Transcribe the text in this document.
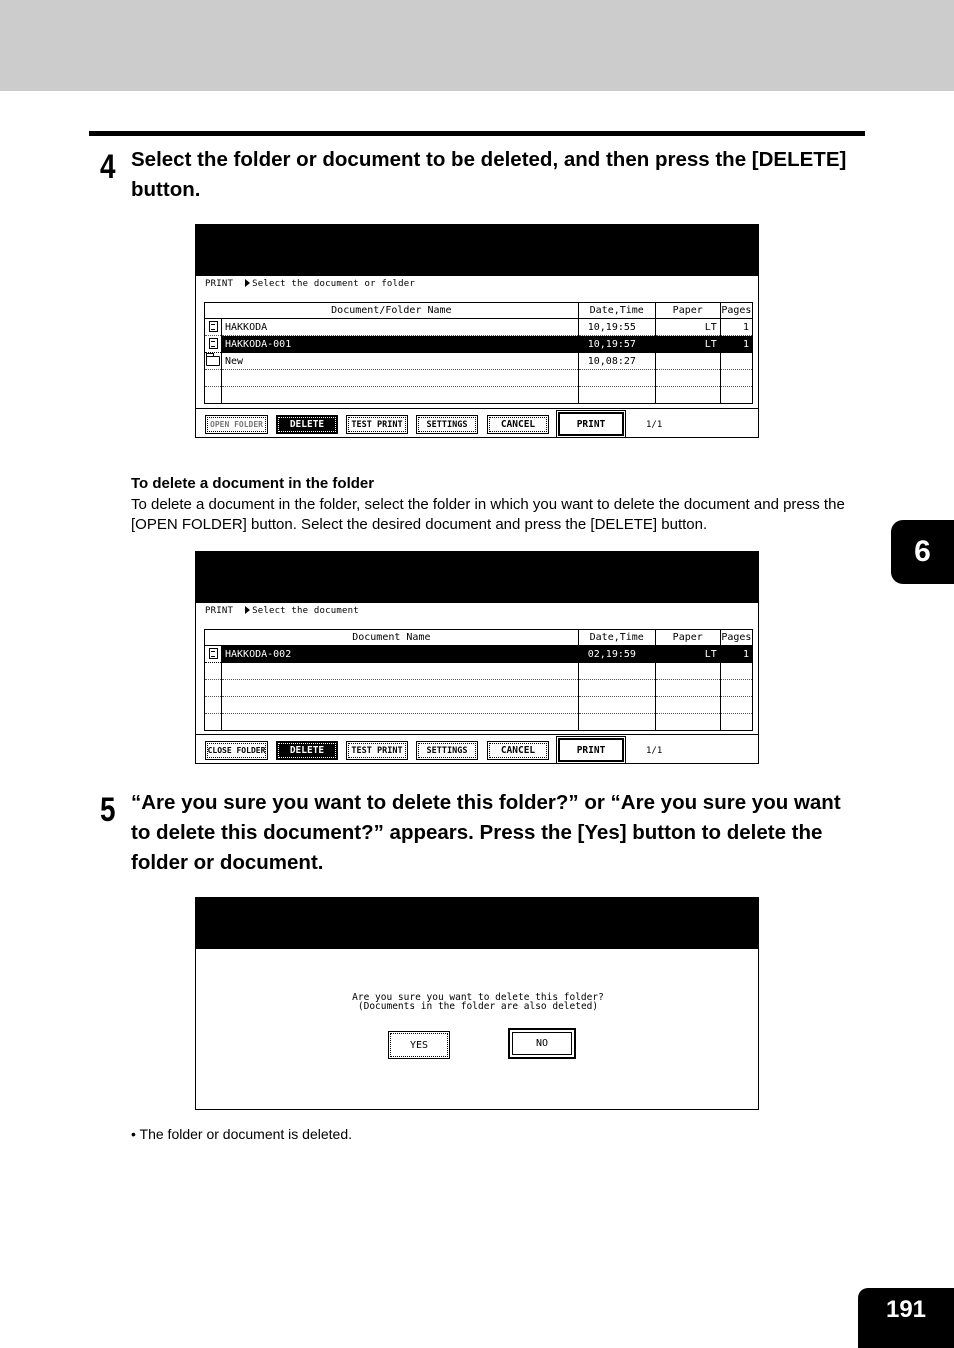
4 Select the folder or document to be deleted, and then press the [DELETE] button.
PRINT Select the document or folder
Document/Folder Name		Date,Time	Paper	Pages
	HAKKODA	10,19:55	LT	1
	HAKKODA-001	10,19:57	LT	1
	New	10,08:27		

OPEN FOLDER	DELETE	TEST PRINT	SETTINGS	CANCEL	PRINT	1/1
To delete a document in the folder
To delete a document in the folder, select the folder in which you want to delete the document and press the [OPEN FOLDER] button. Select the desired document and press the [DELETE] button.
PRINT Select the document
Document Name		Date,Time	Paper	Pages
	HAKKODA-002	02,19:59	LT	1

CLOSE FOLDER	DELETE	TEST PRINT	SETTINGS	CANCEL	PRINT	1/1
5 “Are you sure you want to delete this folder?” or “Are you sure you want to delete this document?” appears. Press the [Yes] button to delete the folder or document.
Are you sure you want to delete this folder?
(Documents in the folder are also deleted)
YES	NO
• The folder or document is deleted.
6
191
